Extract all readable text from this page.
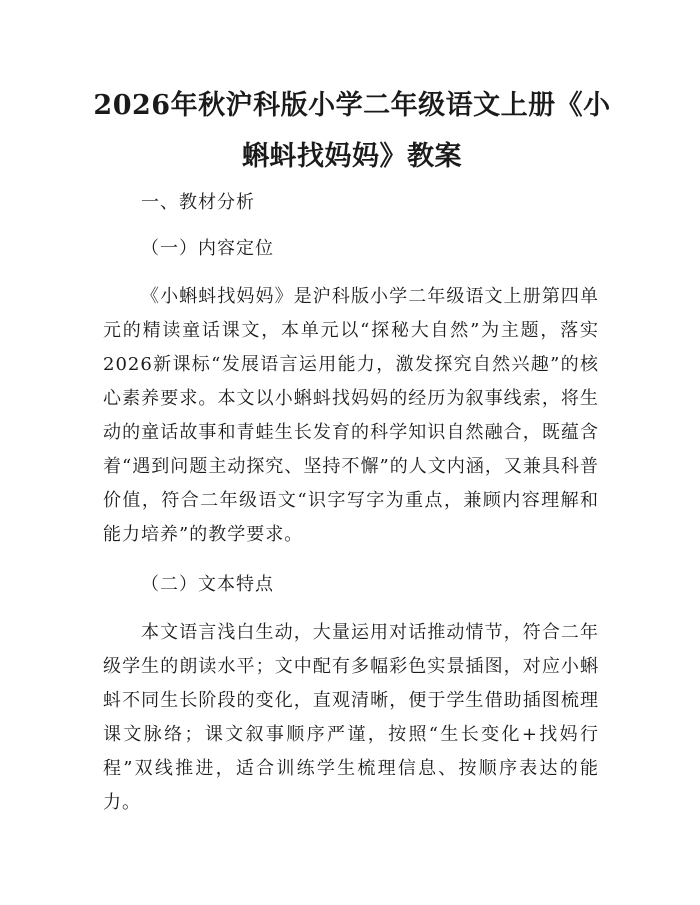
2026年秋沪科版小学二年级语文上册《小蝌蚪找妈妈》教案

一、教材分析

（一）内容定位

《小蝌蚪找妈妈》是沪科版小学二年级语文上册第四单元的精读童话课文，本单元以“探秘大自然”为主题，落实2026新课标“发展语言运用能力，激发探究自然兴趣”的核心素养要求。本文以小蝌蚪找妈妈的经历为叙事线索，将生动的童话故事和青蛙生长发育的科学知识自然融合，既蕴含着“遇到问题主动探究、坚持不懈”的人文内涵，又兼具科普价值，符合二年级语文“识字写字为重点，兼顾内容理解和能力培养”的教学要求。

（二）文本特点

本文语言浅白生动，大量运用对话推动情节，符合二年级学生的朗读水平；文中配有多幅彩色实景插图，对应小蝌蚪不同生长阶段的变化，直观清晰，便于学生借助插图梳理课文脉络；课文叙事顺序严谨，按照“生长变化+找妈行程”双线推进，适合训练学生梳理信息、按顺序表达的能力。
